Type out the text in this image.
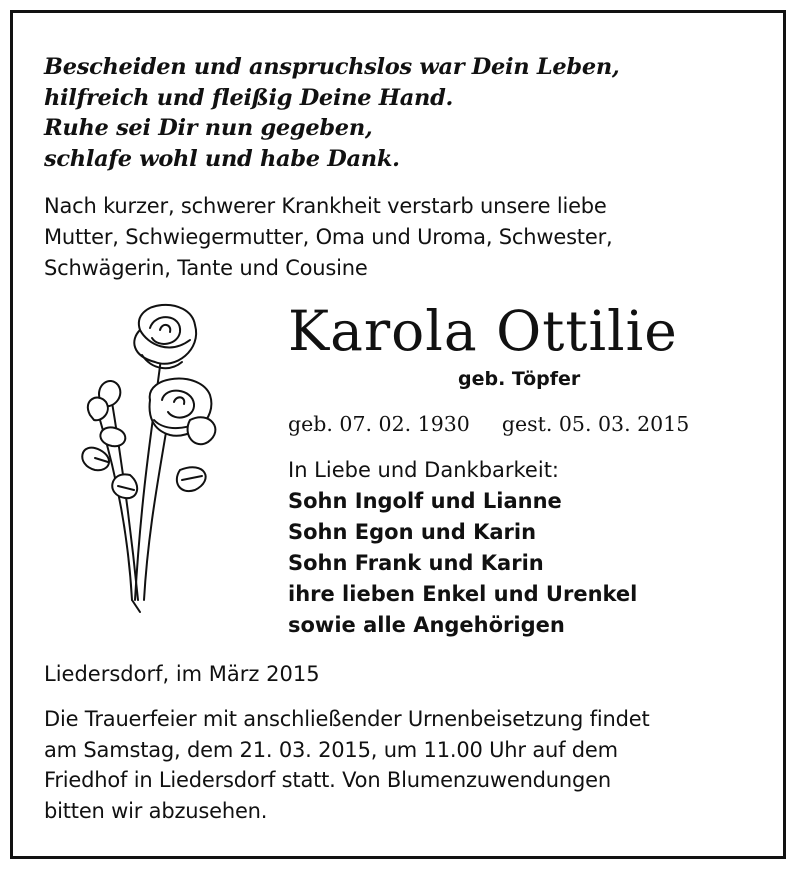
Bescheiden und anspruchslos war Dein Leben,
hilfreich und fleißig Deine Hand.
Ruhe sei Dir nun gegeben,
schlafe wohl und habe Dank.
Nach kurzer, schwerer Krankheit verstarb unsere liebe
Mutter, Schwiegermutter, Oma und Uroma, Schwester,
Schwägerin, Tante und Cousine
Karola Ottilie
geb. Töpfer
geb. 07. 02. 1930 gest. 05. 03. 2015
In Liebe und Dankbarkeit:
Sohn Ingolf und Lianne
Sohn Egon und Karin
Sohn Frank und Karin
ihre lieben Enkel und Urenkel
sowie alle Angehörigen
Liedersdorf, im März 2015
Die Trauerfeier mit anschließender Urnenbeisetzung findet
am Samstag, dem 21. 03. 2015, um 11.00 Uhr auf dem
Friedhof in Liedersdorf statt. Von Blumenzuwendungen
bitten wir abzusehen.
